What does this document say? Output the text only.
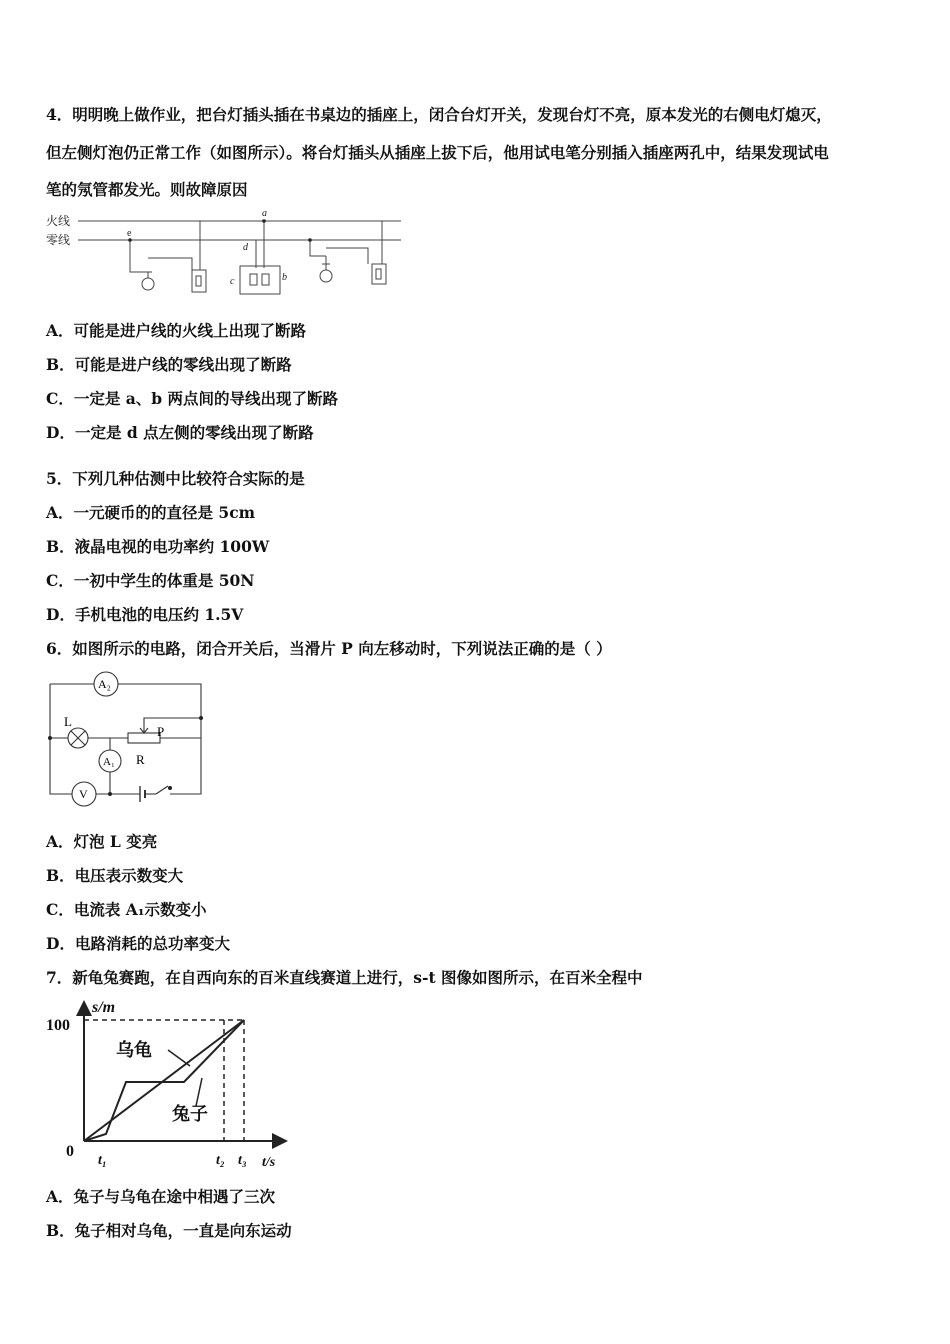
4．明明晚上做作业，把台灯插头插在书桌边的插座上，闭合台灯开关，发现台灯不亮，原本发光的右侧电灯熄灭，
但左侧灯泡仍正常工作（如图所示）。将台灯插头从插座上拔下后，他用试电笔分别插入插座两孔中，结果发现试电
笔的氖管都发光。则故障原因
火线
零线
a
b
c
d
e
A．可能是进户线的火线上出现了断路
B．可能是进户线的零线出现了断路
C．一定是 a、b 两点间的导线出现了断路
D．一定是 d 点左侧的零线出现了断路
5．下列几种估测中比较符合实际的是
A．一元硬币的的直径是 5cm
B．液晶电视的电功率约 100W
C．一初中学生的体重是 50N
D．手机电池的电压约 1.5V
6．如图所示的电路，闭合开关后，当滑片 P 向左移动时，下列说法正确的是（ ）
A₂
L
A₁
V
P
R
A．灯泡 L 变亮
B．电压表示数变大
C．电流表 A₁示数变小
D．电路消耗的总功率变大
7．新龟兔赛跑，在自西向东的百米直线赛道上进行，s-t 图像如图所示，在百米全程中
100
0
s/m
t/s
t₁	t₂ t₃
乌龟
兔子
A．兔子与乌龟在途中相遇了三次
B．兔子相对乌龟，一直是向东运动
